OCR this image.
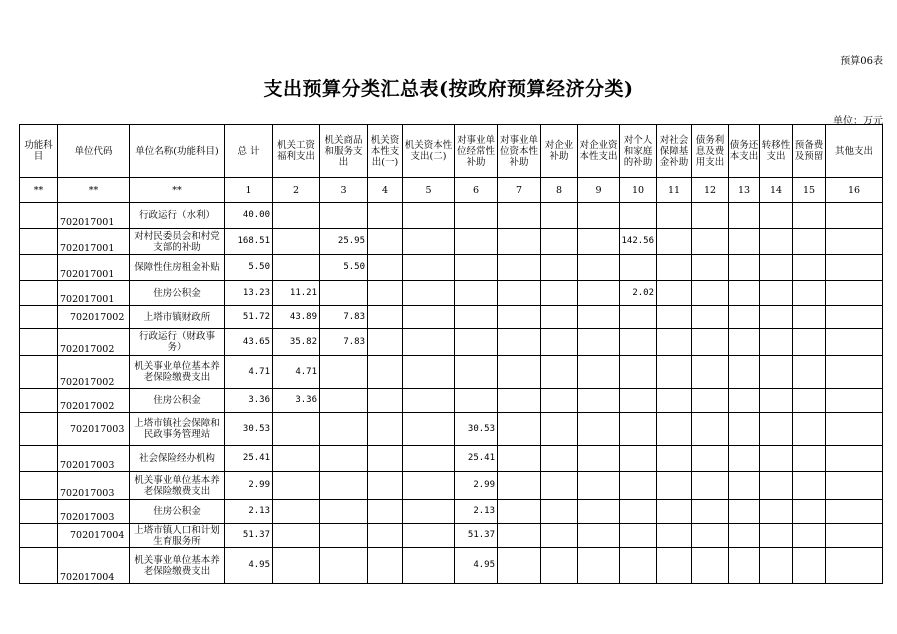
预算06表
支出预算分类汇总表(按政府预算经济分类)
单位：万元
功能科目	单位代码	单位名称(功能科目)	总 计	机关工资福利支出	机关商品和服务支出	机关资本性支出(一)	机关资本性支出(二)	对事业单位经常性补助	对事业单位资本性补助	对企业补助	对企业资本性支出	对个人和家庭的补助	对社会保障基金补助	债务利息及费用支出	债务还本支出	转移性支出	预备费及预留	其他支出	
**	**	**	1	2	3	4	5	6	7	8	9	10	11	12	13	14	15	16	
	702017001	行政运行（水利）	40.00																
	702017001	对村民委员会和村党支部的补助	168.51		25.95							142.56							
	702017001	保障性住房租金补贴	5.50		5.50														
	702017001	住房公积金	13.23	11.21								2.02							
	702017002	上塔市镇财政所	51.72	43.89	7.83														
	702017002	行政运行（财政事务）	43.65	35.82	7.83														
	702017002	机关事业单位基本养老保险缴费支出	4.71	4.71															
	702017002	住房公积金	3.36	3.36															
	702017003	上塔市镇社会保障和民政事务管理站	30.53					30.53											
	702017003	社会保险经办机构	25.41					25.41											
	702017003	机关事业单位基本养老保险缴费支出	2.99					2.99											
	702017003	住房公积金	2.13					2.13											
	702017004	上塔市镇人口和计划生育服务所	51.37					51.37											
	702017004	机关事业单位基本养老保险缴费支出	4.95					4.95											
